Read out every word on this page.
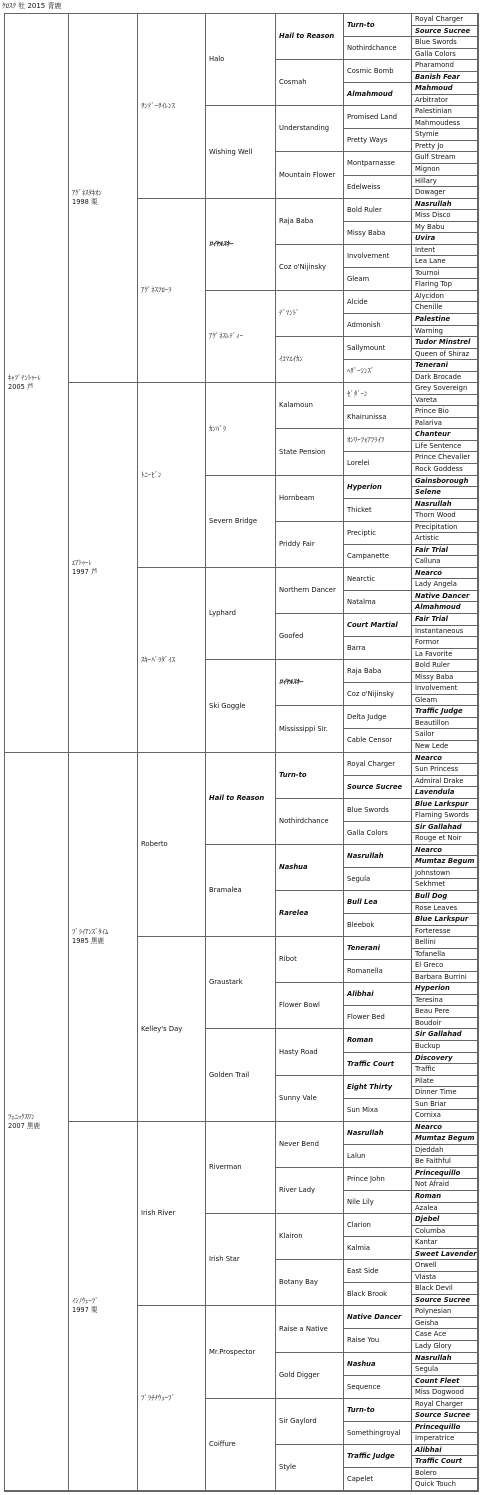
ｸﾛｽｸ 牡 2015 青鹿
ｷｬﾌﾟﾃﾝﾄｩｰﾚ
2005 芦
ｱｸﾞﾈｽﾀｷｵﾝ
1998 栗
ｻﾝﾃﾞｰｻｲﾚﾝｽ
Halo
Hail to Reason
Turn-to
Royal Charger
Source Sucree
Nothirdchance
Blue Swords
Galla Colors
Cosmah
Cosmic Bomb
Pharamond
Banish Fear
Almahmoud
Mahmoud
Arbitrator
Wishing Well
Understanding
Promised Land
Palestinian
Mahmoudess
Pretty Ways
Stymie
Pretty Jo
Mountain Flower
Montparnasse
Gulf Stream
Mignon
Edelweiss
Hillary
Dowager
ｱｸﾞﾈｽﾌﾛｰﾗ
ﾛｲﾔﾙｽｷｰ
Raja Baba
Bold Ruler
Nasrullah
Miss Disco
Missy Baba
My Babu
Uvira
Coz o'Nijinsky
Involvement
Intent
Lea Lane
Gleam
Tournoi
Flaring Top
ｱｸﾞﾈｽﾚﾃﾞｨｰ
ﾃﾞﾏﾝﾄﾞ
Alcide
Alycidon
Chenille
Admonish
Palestine
Warning
ｲｺﾏｴｲｶﾝ
Sallymount
Tudor Minstrel
Queen of Shiraz
ﾍｻﾞｰｼﾝｽﾞ
Tenerani
Dark Brocade
ｴｱﾄｩｰﾚ
1997 芦
ﾄﾆｰﾋﾞﾝ
ｶﾝﾊﾞﾗ
Kalamoun
ｾﾞﾀﾞｰﾝ
Grey Sovereign
Vareta
Khairunissa
Prince Bio
Palariva
State Pension
ｵﾝﾘｰﾌｫｱﾌﾗｲﾌ
Chanteur
Life Sentence
Lorelei
Prince Chevalier
Rock Goddess
Severn Bridge
Hornbeam
Hyperion
Gainsborough
Selene
Thicket
Nasrullah
Thorn Wood
Priddy Fair
Preciptic
Precipitation
Artistic
Campanette
Fair Trial
Calluna
ｽｷｰﾊﾟﾗﾀﾞｲｽ
Lyphard
Northern Dancer
Nearctic
Nearco
Lady Angela
Natalma
Native Dancer
Almahmoud
Goofed
Court Martial
Fair Trial
Instantaneous
Barra
Formor
La Favorite
Ski Goggle
ﾛｲﾔﾙｽｷｰ
Raja Baba
Bold Ruler
Missy Baba
Coz o'Nijinsky
Involvement
Gleam
Mississippi Sir.
Delta Judge
Traffic Judge
Beautillon
Cable Censor
Sailor
New Lede
ﾌｪﾆｯｸｽﾜﾝ
2007 黒鹿
ﾌﾞﾗｲｱﾝｽﾞﾀｲﾑ
1985 黒鹿
Roberto
Hail to Reason
Turn-to
Royal Charger
Nearco
Sun Princess
Source Sucree
Admiral Drake
Lavendula
Nothirdchance
Blue Swords
Blue Larkspur
Flaming Swords
Galla Colors
Sir Gallahad
Rouge et Noir
Bramalea
Nashua
Nasrullah
Nearco
Mumtaz Begum
Segula
Johnstown
Sekhmet
Rarelea
Bull Lea
Bull Dog
Rose Leaves
Bleebok
Blue Larkspur
Forteresse
Kelley's Day
Graustark
Ribot
Tenerani
Bellini
Tofanella
Romanella
El Greco
Barbara Burrini
Flower Bowl
Alibhai
Hyperion
Teresina
Flower Bed
Beau Pere
Boudoir
Golden Trail
Hasty Road
Roman
Sir Gallahad
Buckup
Traffic Court
Discovery
Traffic
Sunny Vale
Eight Thirty
Pilate
Dinner Time
Sun Mixa
Sun Briar
Cornixa
ｲｼﾉｳｪｰﾌﾞ
1997 栗
Irish River
Riverman
Never Bend
Nasrullah
Nearco
Mumtaz Begum
Lalun
Djeddah
Be Faithful
River Lady
Prince John
Princequillo
Not Afraid
Nile Lily
Roman
Azalea
Irish Star
Klairon
Clarion
Djebel
Columba
Kalmia
Kantar
Sweet Lavender
Botany Bay
East Side
Orwell
Vlasta
Black Brook
Black Devil
Source Sucree
ﾌﾟﾗﾁﾅｳｪｰﾌﾞ
Mr.Prospector
Raise a Native
Native Dancer
Polynesian
Geisha
Raise You
Case Ace
Lady Glory
Gold Digger
Nashua
Nasrullah
Segula
Sequence
Count Fleet
Miss Dogwood
Coiffure
Sir Gaylord
Turn-to
Royal Charger
Source Sucree
Somethingroyal
Princequillo
Imperatrice
Style
Traffic Judge
Alibhai
Traffic Court
Capelet
Bolero
Quick Touch
